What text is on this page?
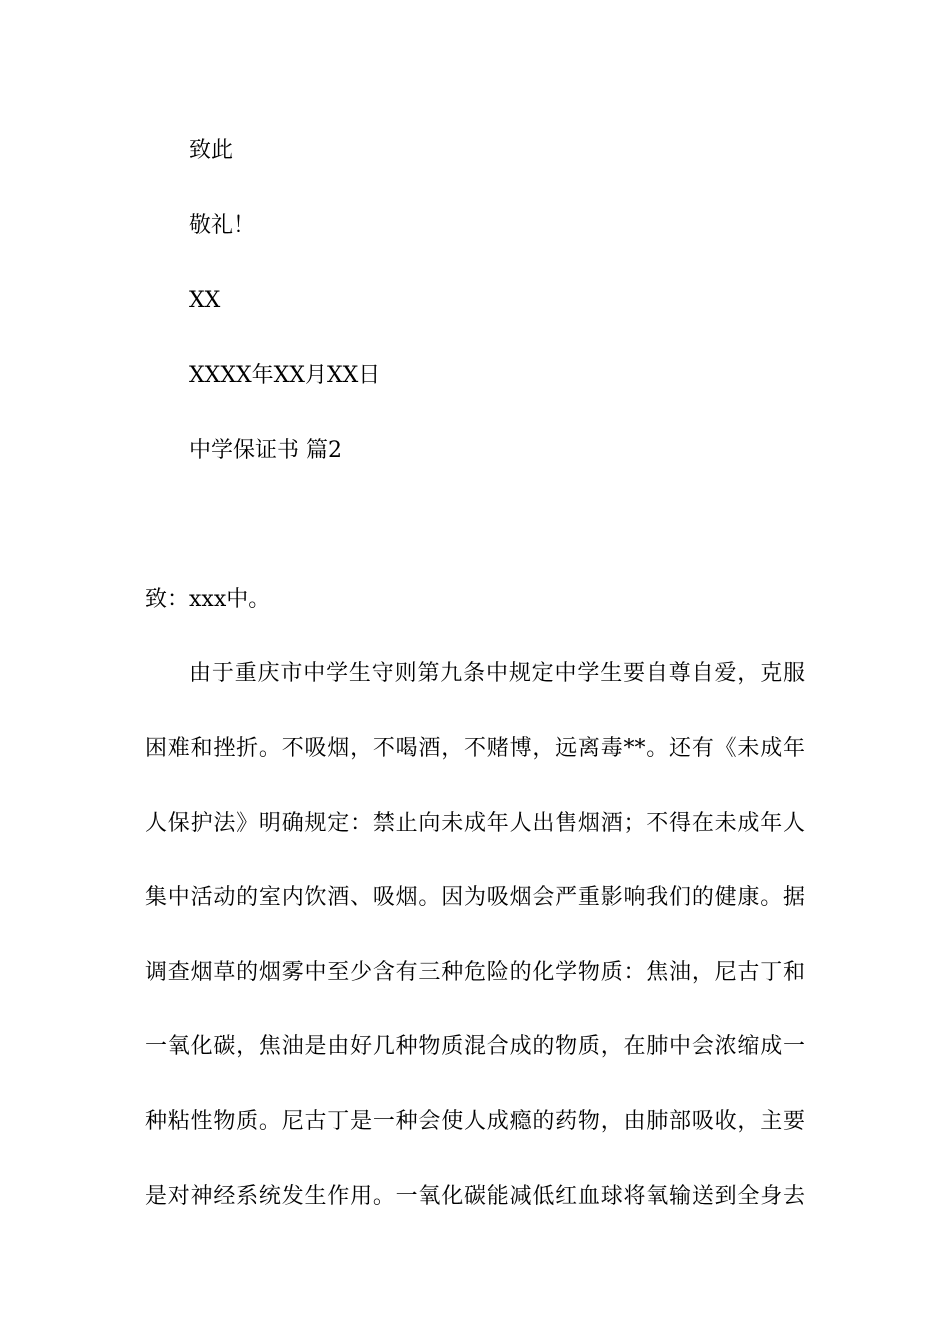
致此

敬礼！

XX

XXXX年XX月XX日

中学保证书 篇2

致：xxx中。

由于重庆市中学生守则第九条中规定中学生要自尊自爱，克服

困难和挫折。不吸烟，不喝酒，不赌博，远离毒**。还有《未成年

人保护法》明确规定：禁止向未成年人出售烟酒；不得在未成年人

集中活动的室内饮酒、吸烟。因为吸烟会严重影响我们的健康。据

调查烟草的烟雾中至少含有三种危险的化学物质：焦油，尼古丁和

一氧化碳，焦油是由好几种物质混合成的物质，在肺中会浓缩成一

种粘性物质。尼古丁是一种会使人成瘾的药物，由肺部吸收，主要

是对神经系统发生作用。一氧化碳能减低红血球将氧输送到全身去
